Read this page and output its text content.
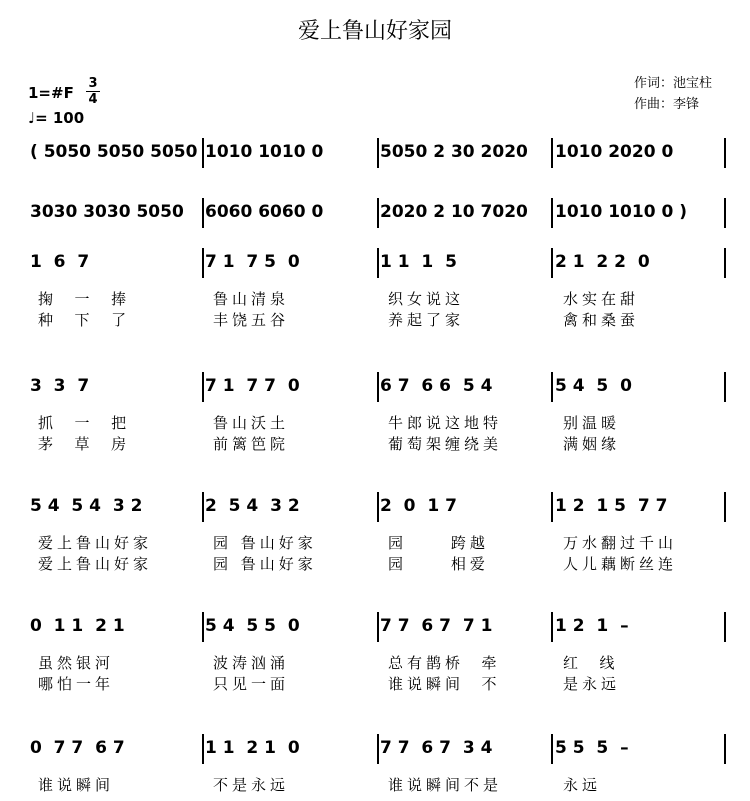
爱上鲁山好家园
1=#F
3
4
♩= 100
作词：池宝柱
作曲：李锋
( 5050 5050 5050 1010 1010 0	5050 2 30 2020	1010 2020 0
3030 3030 5050	6060 6060 0	2020 2 10 7020	1010 1010 0 )
1  6  7	7 1  7 5  0	1 1  1  5	2 1  2 2  0
掬  一  捧	鲁山清泉	织女说这	水实在甜
种  下  了	丰饶五谷	养起了家	禽和桑蚕
3  3  7	7 1  7 7  0	6 7  6 6  5 4	5 4  5  0
抓  一  把	鲁山沃土	牛郎说这地特	别温暖
茅  草  房	前篱笆院	葡萄架缠绕美	满姻缘
5 4  5 4  3 2	2  5 4  3 2	2  0  1 7	1 2  1 5  7 7
爱上鲁山好家	园 鲁山好家	园     跨越	万水翻过千山
爱上鲁山好家	园 鲁山好家	园     相爱	人儿藕断丝连
0  1 1  2 1	5 4  5 5  0	7 7  6 7  7 1	1 2  1  –
虽然银河	波涛汹涌	总有鹊桥  牵	红  线
哪怕一年	只见一面	谁说瞬间  不	是永远
0  7 7  6 7	1 1  2 1  0	7 7  6 7  3 4	5 5  5  –
谁说瞬间	不是永远	谁说瞬间不是	永远
